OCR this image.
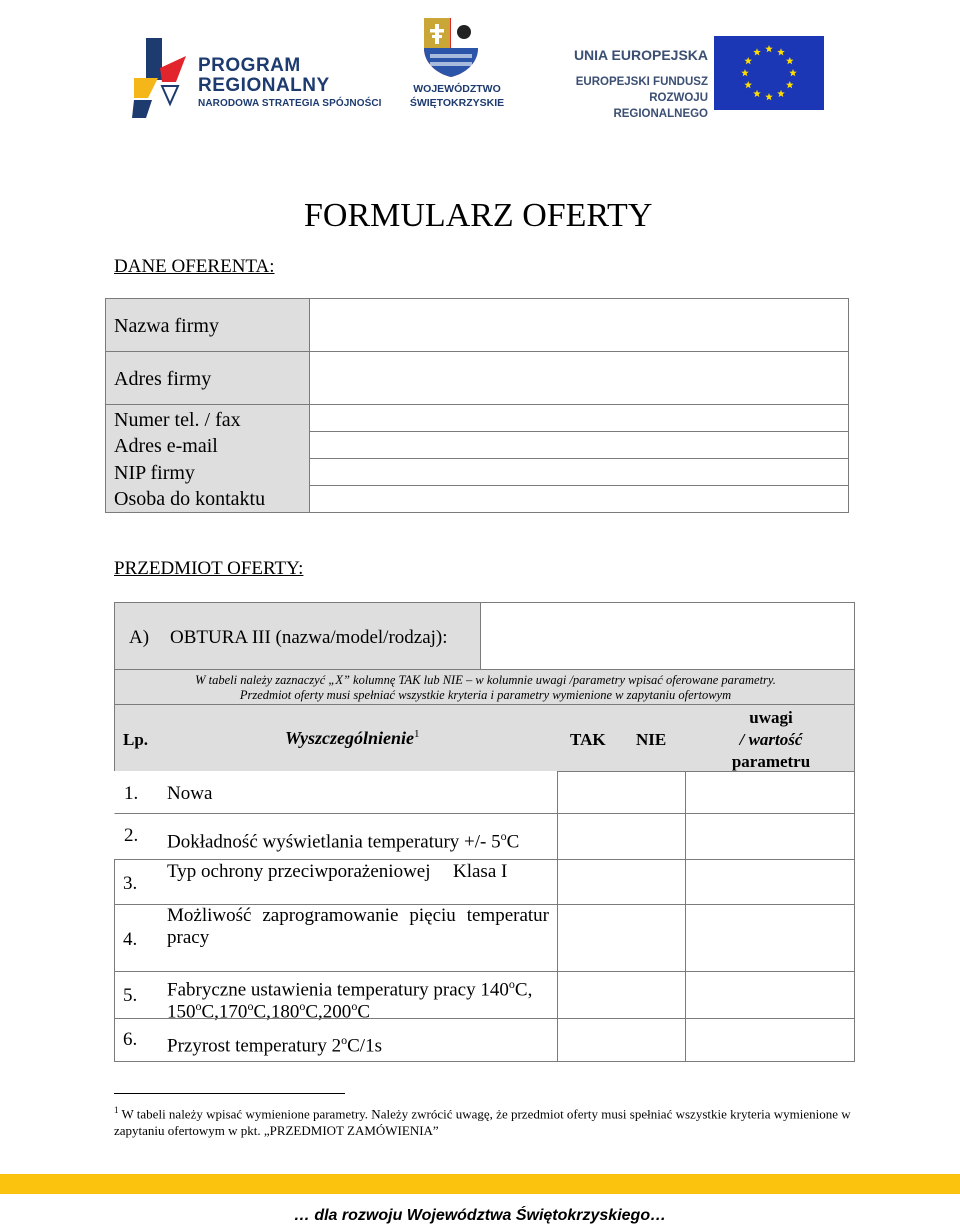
PROGRAM
REGIONALNY
NARODOWA STRATEGIA SPÓJNOŚCI
WOJEWÓDZTWO
ŚWIĘTOKRZYSKIE
UNIA EUROPEJSKA
EUROPEJSKI FUNDUSZ
ROZWOJU REGIONALNEGO
FORMULARZ OFERTY
DANE OFERENTA:
Nazwa firmy
Adres firmy
Numer tel. / fax
Adres e-mail
NIP firmy
Osoba do kontaktu
PRZEDMIOT OFERTY:
A) OBTURA III (nazwa/model/rodzaj):
W tabeli należy zaznaczyć „X” kolumnę TAK lub NIE – w kolumnie uwagi /parametry wpisać oferowane parametry.
Przedmiot oferty musi spełniać wszystkie kryteria i parametry wymienione w zapytaniu ofertowym
Lp.	Wyszczególnienie$^1$	TAK NIE
uwagi
/ wartość
parametru
1. Nowa
2. Dokładność wyświetlania temperatury +/- 5$^o$C
3.
Typ ochrony przeciwporażeniowej Klasa I
4.
Możliwość zaprogramowanie pięciu temperatur pracy
5. Fabryczne ustawienia temperatury pracy 140$^o$C,
150$^o$C,170$^o$C,180$^o$C,200$^o$C
6. Przyrost temperatury 2$^o$C/1s
$^1$ W tabeli należy wpisać wymienione parametry. Należy zwrócić uwagę, że przedmiot oferty musi spełniać wszystkie kryteria wymienione w zapytaniu ofertowym w pkt. „PRZEDMIOT ZAMÓWIENIA”
… dla rozwoju Województwa Świętokrzyskiego…
